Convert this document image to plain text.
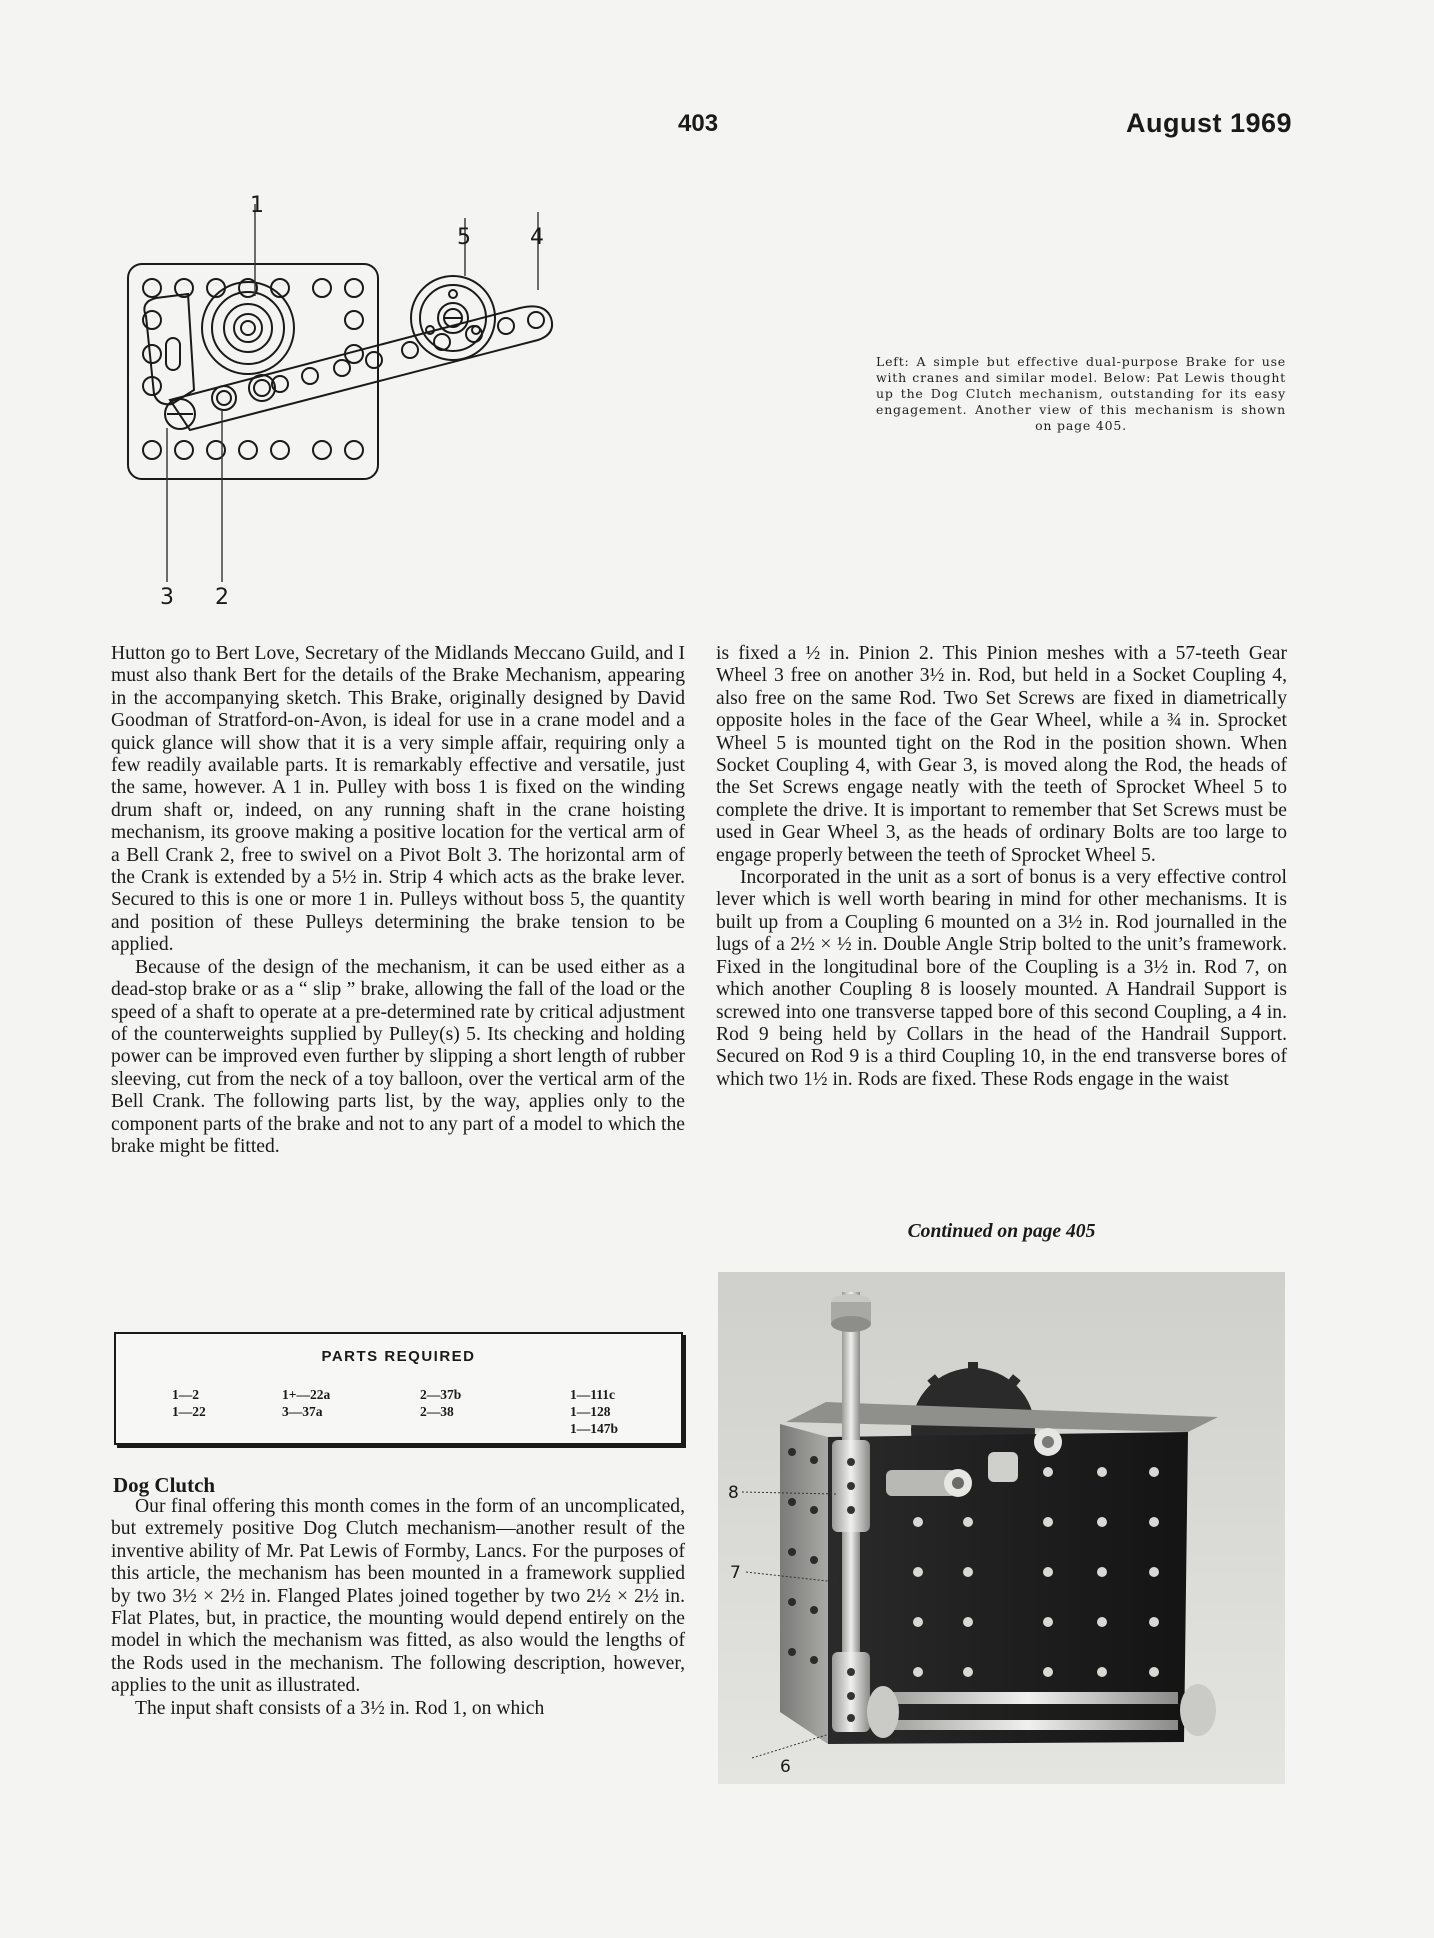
403	August 1969
1
5	4
3 2
Left: A simple but effective dual-purpose Brake for use with cranes and similar model. Below: Pat Lewis thought up the Dog Clutch mechanism, outstanding for its easy engagement. Another view of this mechanism is shown on page 405.

Hutton go to Bert Love, Secretary of the Midlands Meccano Guild, and I must also thank Bert for the details of the Brake Mechanism, appearing in the accompanying sketch. This Brake, originally designed by David Goodman of Stratford-on-Avon, is ideal for use in a crane model and a quick glance will show that it is a very simple affair, requiring only a few readily available parts. It is remarkably effective and versatile, just the same, however. A 1 in. Pulley with boss 1 is fixed on the winding drum shaft or, indeed, on any running shaft in the crane hoisting mechanism, its groove making a positive location for the vertical arm of a Bell Crank 2, free to swivel on a Pivot Bolt 3. The horizontal arm of the Crank is extended by a 5½ in. Strip 4 which acts as the brake lever. Secured to this is one or more 1 in. Pulleys without boss 5, the quantity and position of these Pulleys determining the brake tension to be applied.

Because of the design of the mechanism, it can be used either as a dead-stop brake or as a “ slip ” brake, allowing the fall of the load or the speed of a shaft to operate at a pre-determined rate by critical adjustment of the counterweights supplied by Pulley(s) 5. Its checking and holding power can be improved even further by slipping a short length of rubber sleeving, cut from the neck of a toy balloon, over the vertical arm of the Bell Crank. The following parts list, by the way, applies only to the component parts of the brake and not to any part of a model to which the brake might be fitted.

is fixed a ½ in. Pinion 2. This Pinion meshes with a 57-teeth Gear Wheel 3 free on another 3½ in. Rod, but held in a Socket Coupling 4, also free on the same Rod. Two Set Screws are fixed in diametrically opposite holes in the face of the Gear Wheel, while a ¾ in. Sprocket Wheel 5 is mounted tight on the Rod in the position shown. When Socket Coupling 4, with Gear 3, is moved along the Rod, the heads of the Set Screws engage neatly with the teeth of Sprocket Wheel 5 to complete the drive. It is important to remember that Set Screws must be used in Gear Wheel 3, as the heads of ordinary Bolts are too large to engage properly between the teeth of Sprocket Wheel 5.

Incorporated in the unit as a sort of bonus is a very effective control lever which is well worth bearing in mind for other mechanisms. It is built up from a Coupling 6 mounted on a 3½ in. Rod journalled in the lugs of a 2½ × ½ in. Double Angle Strip bolted to the unit’s framework. Fixed in the longitudinal bore of the Coupling is a 3½ in. Rod 7, on which another Coupling 8 is loosely mounted. A Handrail Support is screwed into one transverse tapped bore of this second Coupling, a 4 in. Rod 9 being held by Collars in the head of the Handrail Support. Secured on Rod 9 is a third Coupling 10, in the end transverse bores of which two 1½ in. Rods are fixed. These Rods engage in the waist

Continued on page 405
PARTS REQUIRED
1—2
1—22
1+—22a
3—37a
2—37b
2—38
1—111c
1—128
1—147b
Dog Clutch

Our final offering this month comes in the form of an uncomplicated, but extremely positive Dog Clutch mechanism—another result of the inventive ability of Mr. Pat Lewis of Formby, Lancs. For the purposes of this article, the mechanism has been mounted in a framework supplied by two 3½ × 2½ in. Flanged Plates joined together by two 2½ × 2½ in. Flat Plates, but, in practice, the mounting would depend entirely on the model in which the mechanism was fitted, as also would the lengths of the Rods used in the mechanism. The following description, however, applies to the unit as illustrated.

The input shaft consists of a 3½ in. Rod 1, on which

8
7
6
